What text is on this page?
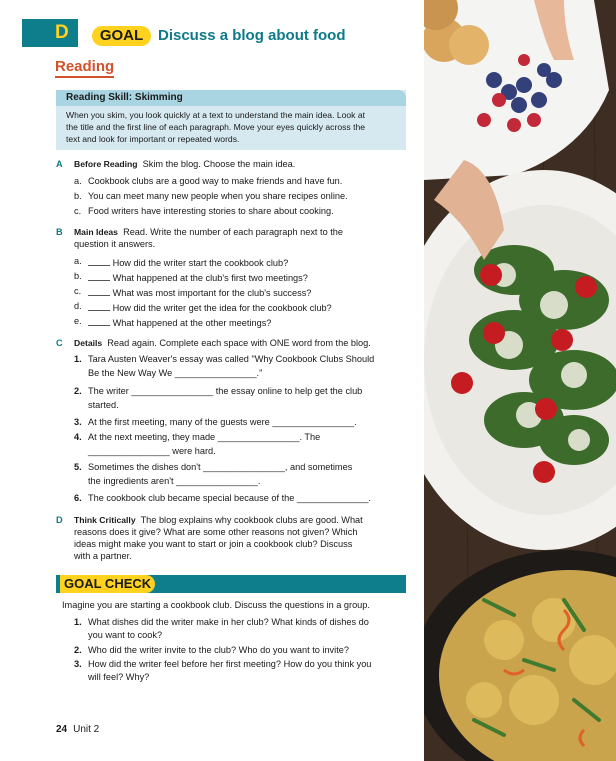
D	GOAL Discuss a blog about food
Reading
Reading Skill: Skimming
When you skim, you look quickly at a text to understand the main idea. Look at
the title and the first line of each paragraph. Move your eyes quickly across the
text and look for important or repeated words.
A Before Reading Skim the blog. Choose the main idea.
a. Cookbook clubs are a good way to make friends and have fun.
b. You can meet many new people when you share recipes online.
c. Food writers have interesting stories to share about cooking.
B Main Ideas Read. Write the number of each paragraph next to the
question it answers.
a.	How did the writer start the cookbook club?
b.	What happened at the club's first two meetings?
c.	What was most important for the club's success?
d.	How did the writer get the idea for the cookbook club?
e.	What happened at the other meetings?
C Details Read again. Complete each space with ONE word from the blog.
1. Tara Austen Weaver's essay was called "Why Cookbook Clubs Should
Be the New Way We ________________."
2. The writer ________________ the essay online to help get the club
started.
3. At the first meeting, many of the guests were ________________.
4. At the next meeting, they made ________________. The
________________ were hard.
5. Sometimes the dishes don't ________________, and sometimes
the ingredients aren't ________________.
6. The cookbook club became special because of the ______________.
D Think Critically The blog explains why cookbook clubs are good. What
reasons does it give? What are some other reasons not given? Which
ideas might make you want to start or join a cookbook club? Discuss
with a partner.
GOAL CHECK
Imagine you are starting a cookbook club. Discuss the questions in a group.
1. What dishes did the writer make in her club? What kinds of dishes do
you want to cook?
2. Who did the writer invite to the club? Who do you want to invite?
3. How did the writer feel before her first meeting? How do you think you
will feel? Why?
24 Unit 2
